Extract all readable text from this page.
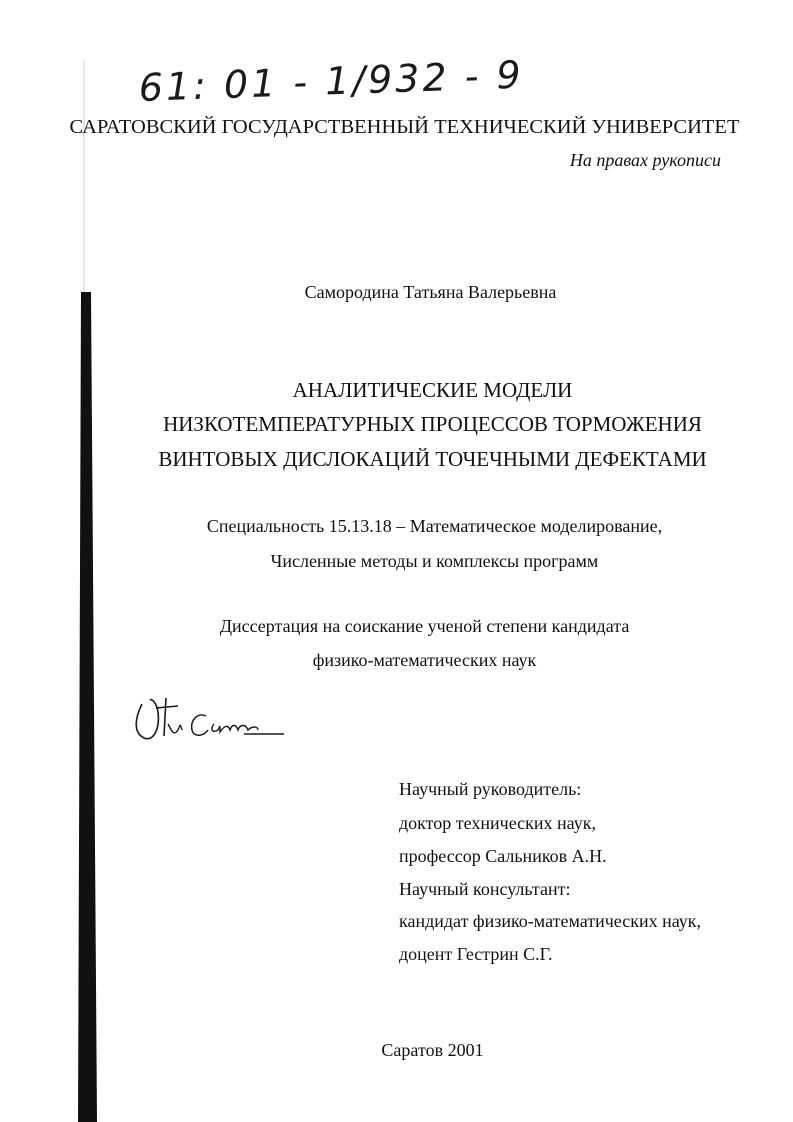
61: 01 - 1/932 - 9
САРАТОВСКИЙ ГОСУДАРСТВЕННЫЙ ТЕХНИЧЕСКИЙ УНИВЕРСИТЕТ
На правах рукописи
Самородина Татьяна Валерьевна
АНАЛИТИЧЕСКИЕ МОДЕЛИ
НИЗКОТЕМПЕРАТУРНЫХ ПРОЦЕССОВ ТОРМОЖЕНИЯ
ВИНТОВЫХ ДИСЛОКАЦИЙ ТОЧЕЧНЫМИ ДЕФЕКТАМИ
Специальность 15.13.18 – Математическое моделирование,
Численные методы и комплексы программ
Диссертация на соискание ученой степени кандидата
физико-математических наук
Научный руководитель:
доктор технических наук,
профессор Сальников А.Н.
Научный консультант:
кандидат физико-математических наук,
доцент Гестрин С.Г.
Саратов 2001
